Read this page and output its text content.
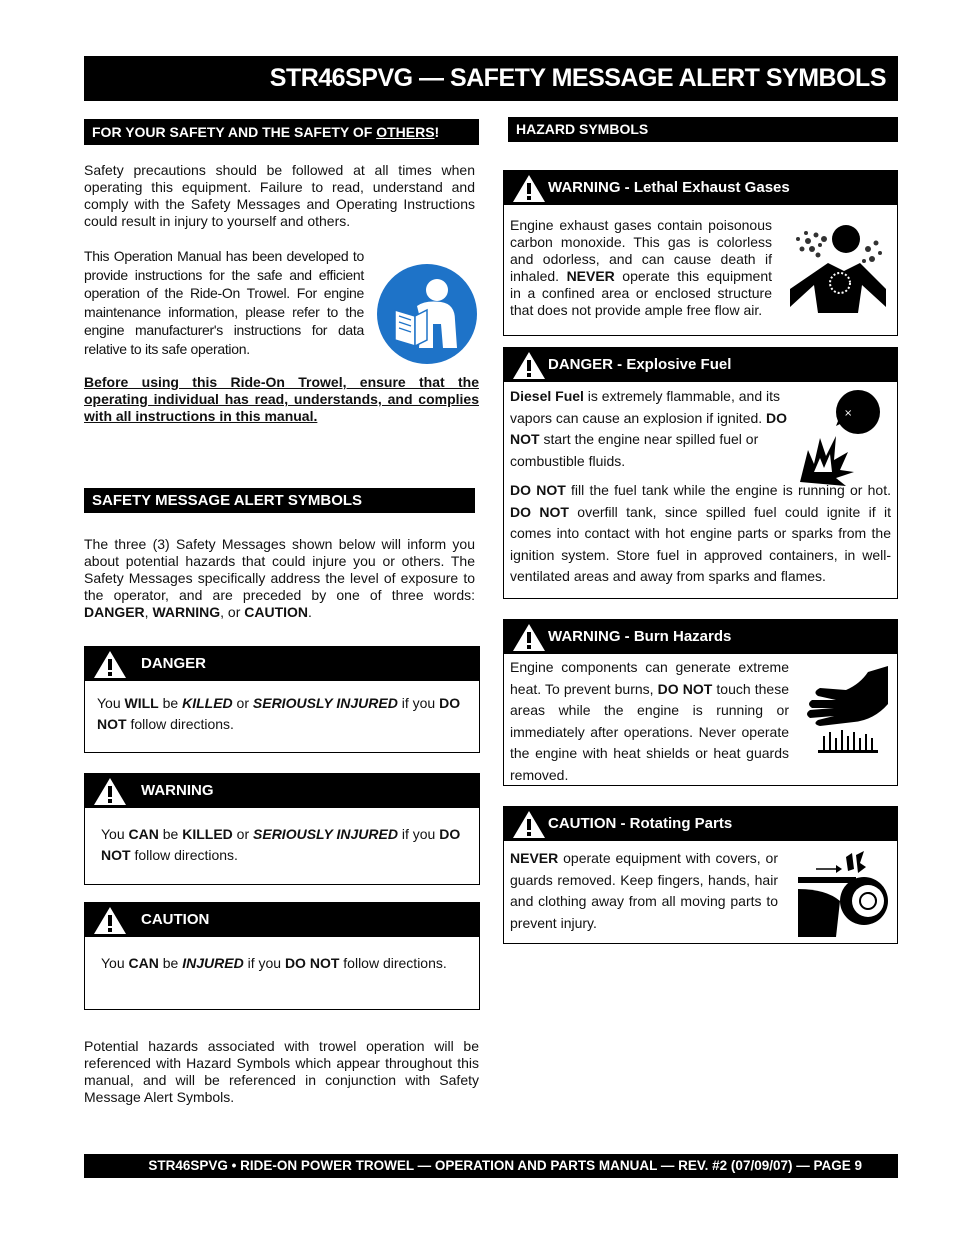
STR46SPVG — SAFETY MESSAGE ALERT SYMBOLS
FOR YOUR SAFETY AND THE SAFETY OF OTHERS!
Safety precautions should be followed at all times when operating this equipment. Failure to read, understand and comply with the Safety Messages and Operating Instructions could result in injury to yourself and others.
This Operation Manual has been developed to provide instructions for the safe and efficient operation of the Ride-On Trowel. For engine maintenance information, please refer to the engine manufacturer's instructions for data relative to its safe operation.
Before using this Ride-On Trowel, ensure that the operating individual has read, understands, and complies with all instructions in this manual.
SAFETY MESSAGE ALERT SYMBOLS
The three (3) Safety Messages shown below will inform you about potential hazards that could injure you or others. The Safety Messages specifically address the level of exposure to the operator, and are preceded by one of three words: DANGER, WARNING, or CAUTION.
DANGER
You WILL be KILLED or SERIOUSLY INJURED if you DO NOT follow directions.
WARNING
You CAN be KILLED or SERIOUSLY INJURED if you DO NOT follow directions.
CAUTION
You CAN be INJURED if you DO NOT follow directions.
Potential hazards associated with trowel operation will be referenced with Hazard Symbols which appear throughout this manual, and will be referenced in conjunction with Safety Message Alert Symbols.
HAZARD SYMBOLS
WARNING - Lethal Exhaust Gases
Engine exhaust gases contain poisonous carbon monoxide. This gas is colorless and odorless, and can cause death if inhaled. NEVER operate this equipment in a confined area or enclosed structure that does not provide ample free flow air.
DANGER - Explosive Fuel
Diesel Fuel is extremely flammable, and its vapors can cause an explosion if ignited. DO NOT start the engine near spilled fuel or combustible fluids.
×
DO NOT fill the fuel tank while the engine is running or hot. DO NOT overfill tank, since spilled fuel could ignite if it comes into contact with hot engine parts or sparks from the ignition system. Store fuel in approved containers, in well-ventilated areas and away from sparks and flames.
WARNING - Burn Hazards
Engine components can generate extreme heat. To prevent burns, DO NOT touch these areas while the engine is running or immediately after operations. Never operate the engine with heat shields or heat guards removed.
CAUTION - Rotating Parts
NEVER operate equipment with covers, or guards removed. Keep fingers, hands, hair and clothing away from all moving parts to prevent injury.
STR46SPVG • RIDE-ON POWER TROWEL — OPERATION AND PARTS MANUAL — REV. #2 (07/09/07) — PAGE 9
